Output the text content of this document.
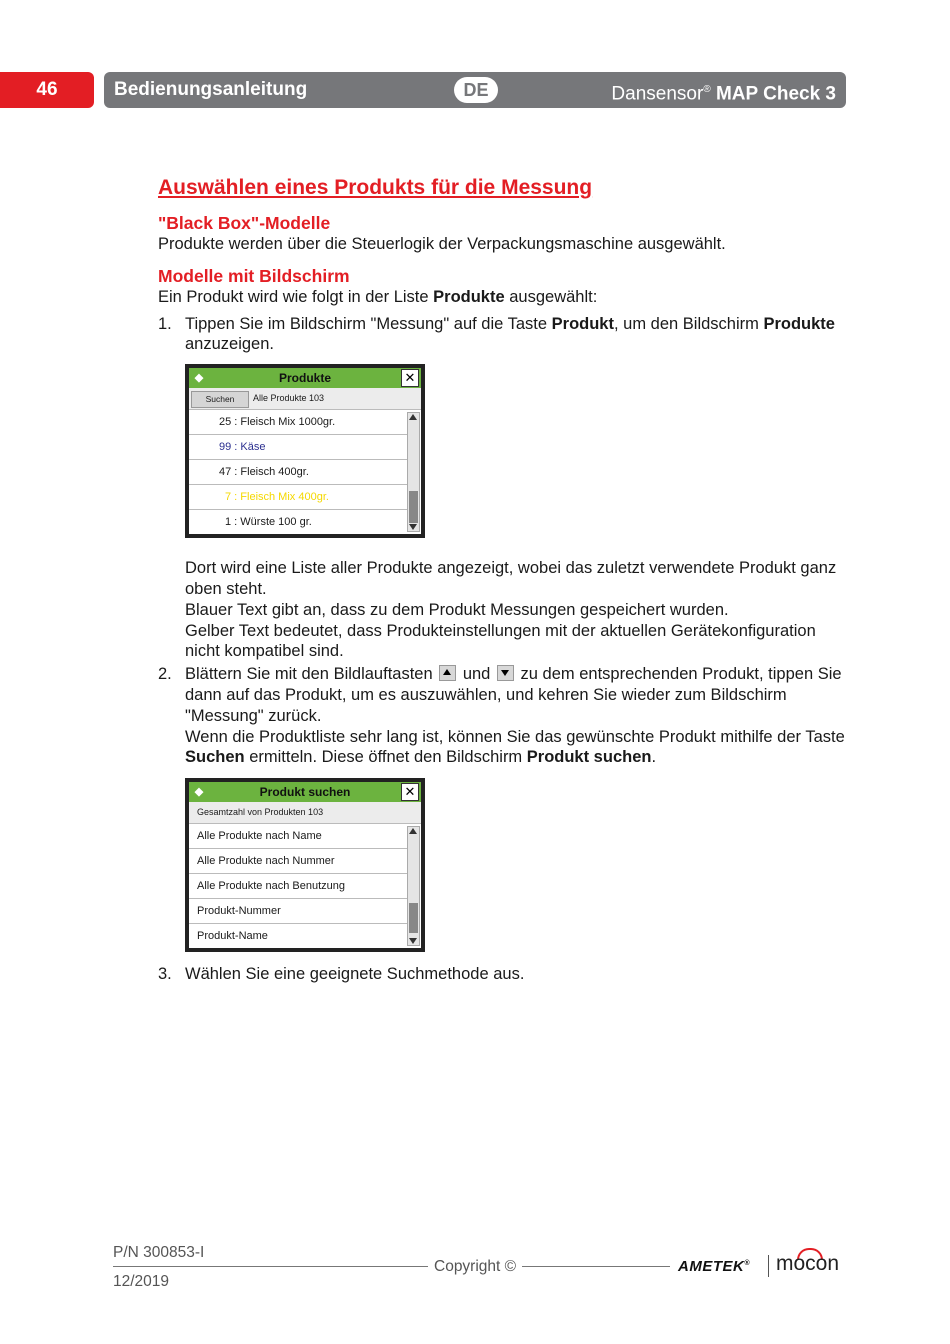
46	Bedienungsanleitung	DE	Dansensor® MAP Check 3
Auswählen eines Produkts für die Messung
"Black Box"-Modelle

Produkte werden über die Steuerlogik der Verpackungsmaschine ausgewählt.

Modelle mit Bildschirm

Ein Produkt wird wie folgt in der Liste Produkte ausgewählt:

1. Tippen Sie im Bildschirm "Messung" auf die Taste Produkt, um den Bildschirm Produkte anzuzeigen.

◆	Produkte	✕
Suchen	Alle Produkte 103
25 : Fleisch Mix 1000gr.
99 : Käse
47 : Fleisch 400gr.
7 : Fleisch Mix 400gr.
1 : Würste 100 gr.

Dort wird eine Liste aller Produkte angezeigt, wobei das zuletzt verwendete Produkt ganz oben steht.

Blauer Text gibt an, dass zu dem Produkt Messungen gespeichert wurden.

Gelber Text bedeutet, dass Produkteinstellungen mit der aktuellen Gerätekonfiguration nicht kompatibel sind.

2. Blättern Sie mit den Bildlauftasten  und  zu dem entsprechenden Produkt, tippen Sie dann auf das Produkt, um es auszuwählen, und kehren Sie wieder zum Bildschirm "Messung" zurück.

Wenn die Produktliste sehr lang ist, können Sie das gewünschte Produkt mithilfe der Taste Suchen ermitteln. Diese öffnet den Bildschirm Produkt suchen.

◆	Produkt suchen	✕
Gesamtzahl von Produkten 103
Alle Produkte nach Name
Alle Produkte nach Nummer
Alle Produkte nach Benutzung
Produkt-Nummer
Produkt-Name
3. Wählen Sie eine geeignete Suchmethode aus.

P/N 300853-I
Copyright ©
12/2019
AMETEK® mocon
